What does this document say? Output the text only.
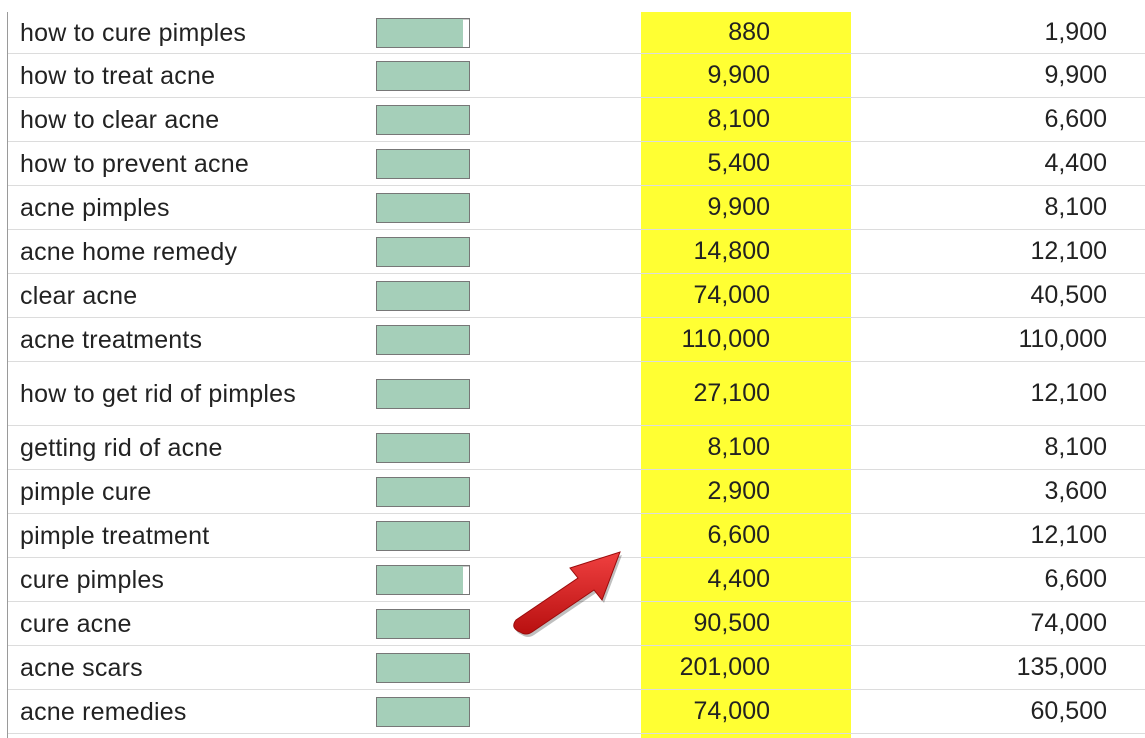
how to cure pimples	880	1,900
how to treat acne	9,900	9,900
how to clear acne	8,100	6,600
how to prevent acne	5,400	4,400
acne pimples	9,900	8,100
acne home remedy	14,800	12,100
clear acne	74,000	40,500
acne treatments	110,000	110,000
how to get rid of pimples	27,100	12,100
getting rid of acne	8,100	8,100
pimple cure	2,900	3,600
pimple treatment	6,600	12,100
cure pimples	4,400	6,600
cure acne	90,500	74,000
acne scars	201,000	135,000
acne remedies	74,000	60,500
